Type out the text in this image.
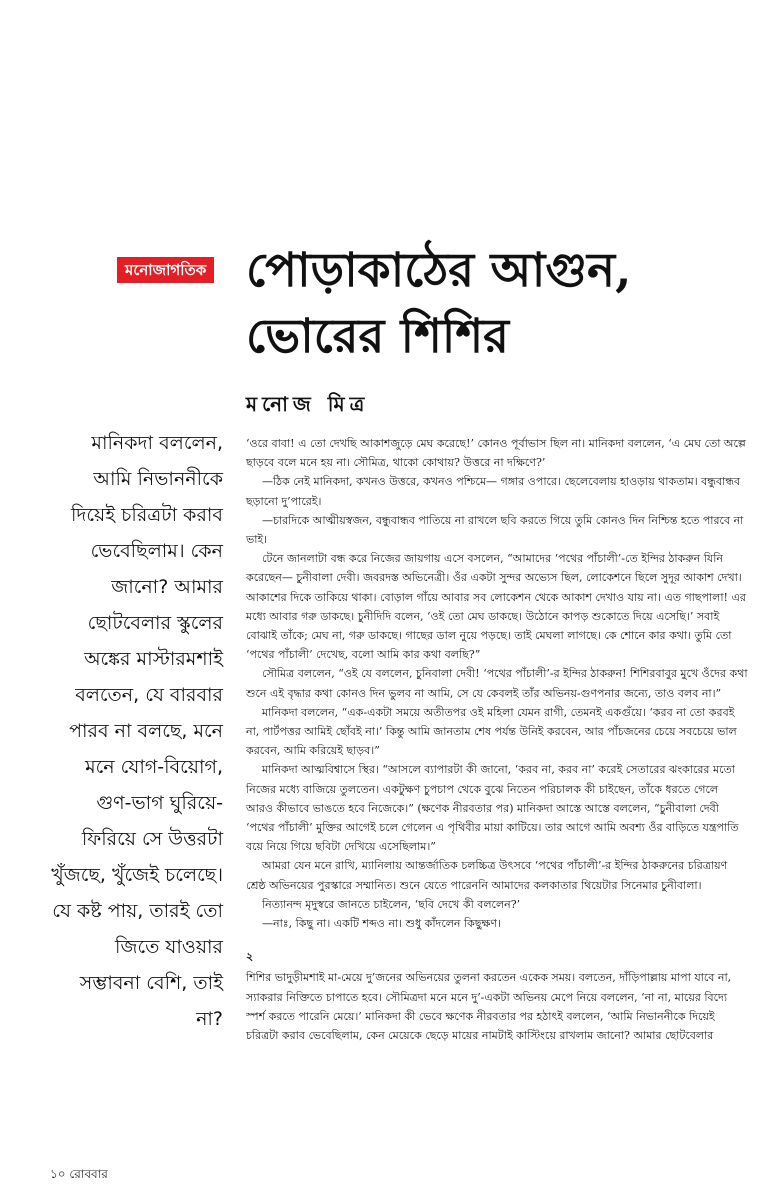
মনোজাগতিক পোড়াকাঠের আগুন,
ভোরের শিশির
মনোজ মিত্র
মানিকদা বললেন, আমি নিভাননীকে দিয়েই চরিত্রটা করাব ভেবেছিলাম। কেন জানো? আমার ছোটবেলার স্কুলের অঙ্কের মাস্টারমশাই বলতেন, যে বারবার পারব না বলছে, মনে মনে যোগ-বিয়োগ, গুণ-ভাগ ঘুরিয়ে-ফিরিয়ে সে উত্তরটা খুঁজছে, খুঁজেই চলেছে। যে কষ্ট পায়, তারই তো জিতে যাওয়ার সম্ভাবনা বেশি, তাই না?

‘ওরে বাবা! এ তো দেখছি আকাশজুড়ে মেঘ করেছে!’ কোনও পূর্বাভাস ছিল না। মানিকদা বললেন, ‘এ মেঘ তো অল্পে ছাড়বে বলে মনে হয় না। সৌমিত্র, থাকো কোথায়? উত্তরে না দক্ষিণে?’

—ঠিক নেই মানিকদা, কখনও উত্তরে, কখনও পশ্চিমে— গঙ্গার ওপারে। ছেলেবেলায় হাওড়ায় থাকতাম। বন্ধুবান্ধব ছড়ানো দু’পারেই।

—চারদিকে আত্মীয়স্বজন, বন্ধুবান্ধব পাতিয়ে না রাখলে ছবি করতে গিয়ে তুমি কোনও দিন নিশ্চিন্ত হতে পারবে না ভাই।

টেনে জানলাটা বন্ধ করে নিজের জায়গায় এসে বসলেন, “আমাদের ‘পথের পাঁচালী’-তে ইন্দির ঠাকরুন যিনি করেছেন— চুনীবালা দেবী। জবরদস্ত অভিনেত্রী। ওঁর একটা সুন্দর অভ্যেস ছিল, লোকেশনে ছিলে সুদূর আকাশ দেখা। আকাশের দিকে তাকিয়ে থাকা। বোড়াল গাঁয়ে আবার সব লোকেশন থেকে আকাশ দেখাও যায় না। এত গাছপালা! এর মধ্যে আবার গরু ডাকছে। চুনীদিদি বলেন, ‘ওই তো মেঘ ডাকছে। উঠোনে কাপড় শুকোতে দিয়ে এসেছি।’ সবাই বোঝাই তাঁকে; মেঘ না, গরু ডাকছে। গাছের ডাল নুয়ে পড়ছে। তাই মেঘলা লাগছে। কে শোনে কার কথা। তুমি তো ‘পথের পাঁচালী’ দেখেছ, বলো আমি কার কথা বলছি?”

সৌমিত্র বললেন, “ওই যে বললেন, চুনিবালা দেবী! ‘পথের পাঁচালী’-র ইন্দির ঠাকরুন! শিশিরবাবুর মুখে ওঁদের কথা শুনে এই বৃদ্ধার কথা কোনও দিন ভুলব না আমি, সে যে কেবলই তাঁর অভিনয়-গুণপনার জন্যে, তাও বলব না।”

মানিকদা বললেন, “এক-একটা সময়ে অতীতপর ওই মহিলা যেমন রাগী, তেমনই একগুঁয়ে। ‘করব না তো করবই না, পার্টপত্তর আমিই ছোঁবই না।’ কিন্তু আমি জানতাম শেষ পর্যন্ত উনিই করবেন, আর পাঁচজনের চেয়ে সবচেয়ে ভাল করবেন, আমি করিয়েই ছাড়ব।”

মানিকদা আত্মবিশ্বাসে স্থির। “আসলে ব্যাপারটা কী জানো, ‘করব না, করব না’ করেই সেতারের ঝংকারের মতো নিজের মধ্যে বাজিয়ে তুলতেন। একটুক্ষণ চুপচাপ থেকে বুঝে নিতেন পরিচালক কী চাইছেন, তাঁকে ধরতে গেলে আরও কীভাবে ভাঙতে হবে নিজেকে।” (ক্ষণেক নীরবতার পর) মানিকদা আস্তে আস্তে বললেন, “চুনীবালা দেবী ‘পথের পাঁচালী’ মুক্তির আগেই চলে গেলেন এ পৃথিবীর মায়া কাটিয়ে। তার আগে আমি অবশ্য ওঁর বাড়িতে যন্ত্রপাতি বয়ে নিয়ে গিয়ে ছবিটা দেখিয়ে এসেছিলাম।”

আমরা যেন মনে রাখি, ম্যানিলায় আন্তর্জাতিক চলচ্চিত্র উৎসবে ‘পথের পাঁচালী’-র ইন্দির ঠাকরুনের চরিত্রায়ণ শ্রেষ্ঠ অভিনয়ের পুরস্কারে সম্মানিত। শুনে যেতে পারেননি আমাদের কলকাতার থিয়েটার সিনেমার চুনীবালা।

নিত্যানন্দ মৃদুস্বরে জানতে চাইলেন, ‘ছবি দেখে কী বললেন?’

—নাঃ, কিছু না। একটি শব্দও না। শুধু কাঁদলেন কিছুক্ষণ।

২

শিশির ভাদুড়ীমশাই মা-মেয়ে দু’জনের অভিনয়ের তুলনা করতেন একেক সময়। বলতেন, দাঁড়িপাল্লায় মাপা যাবে না, স্যাকরার নিক্তিতে চাপাতে হবে। সৌমিত্রদা মনে মনে দু’-একটা অভিনয় মেপে নিয়ে বললেন, ‘না না, মায়ের বিদ্যে স্পর্শ করতে পারেনি মেয়ে।’ মানিকদা কী ভেবে ক্ষণেক নীরবতার পর হঠাৎই বললেন, ‘আমি নিভাননীকে দিয়েই চরিত্রটা করাব ভেবেছিলাম, কেন মেয়েকে ছেড়ে মায়ের নামটাই কাস্টিংয়ে রাখলাম জানো? আমার ছোটবেলার

১০ রোববার
